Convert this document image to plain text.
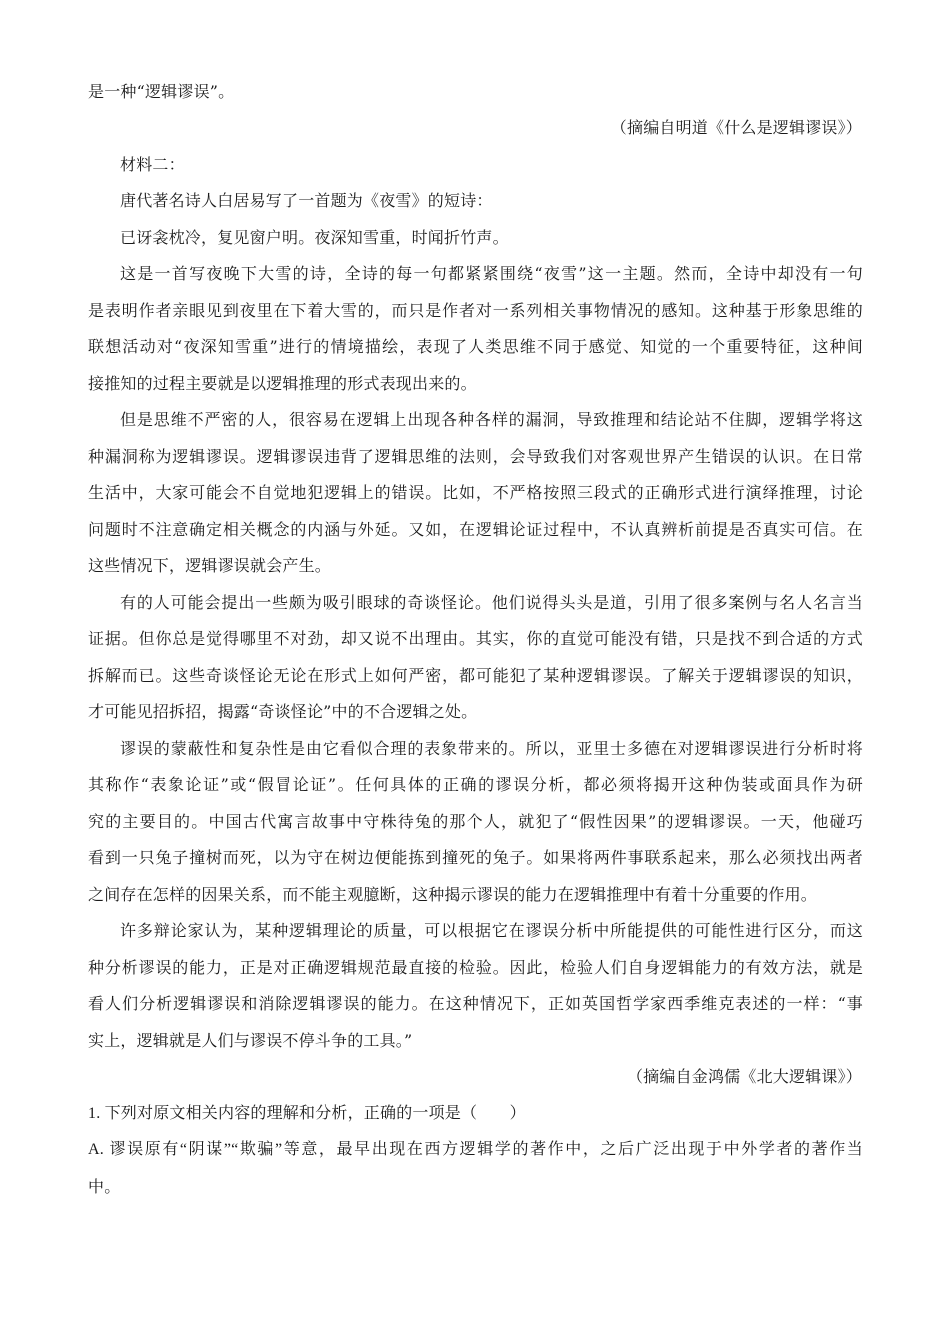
是一种“逻辑谬误”。
（摘编自明道《什么是逻辑谬误》）
材料二：
唐代著名诗人白居易写了一首题为《夜雪》的短诗：
已讶衾枕冷，复见窗户明。夜深知雪重，时闻折竹声。
这是一首写夜晚下大雪的诗，全诗的每一句都紧紧围绕“夜雪”这一主题。然而，全诗中却没有一句
是表明作者亲眼见到夜里在下着大雪的，而只是作者对一系列相关事物情况的感知。这种基于形象思维的
联想活动对“夜深知雪重”进行的情境描绘，表现了人类思维不同于感觉、知觉的一个重要特征，这种间
接推知的过程主要就是以逻辑推理的形式表现出来的。
但是思维不严密的人，很容易在逻辑上出现各种各样的漏洞，导致推理和结论站不住脚，逻辑学将这
种漏洞称为逻辑谬误。逻辑谬误违背了逻辑思维的法则，会导致我们对客观世界产生错误的认识。在日常
生活中，大家可能会不自觉地犯逻辑上的错误。比如，不严格按照三段式的正确形式进行演绎推理，讨论
问题时不注意确定相关概念的内涵与外延。又如，在逻辑论证过程中，不认真辨析前提是否真实可信。在
这些情况下，逻辑谬误就会产生。
有的人可能会提出一些颇为吸引眼球的奇谈怪论。他们说得头头是道，引用了很多案例与名人名言当
证据。但你总是觉得哪里不对劲，却又说不出理由。其实，你的直觉可能没有错，只是找不到合适的方式
拆解而已。这些奇谈怪论无论在形式上如何严密，都可能犯了某种逻辑谬误。了解关于逻辑谬误的知识，
才可能见招拆招，揭露“奇谈怪论”中的不合逻辑之处。
谬误的蒙蔽性和复杂性是由它看似合理的表象带来的。所以，亚里士多德在对逻辑谬误进行分析时将
其称作“表象论证”或“假冒论证”。任何具体的正确的谬误分析，都必须将揭开这种伪装或面具作为研
究的主要目的。中国古代寓言故事中守株待兔的那个人，就犯了“假性因果”的逻辑谬误。一天，他碰巧
看到一只兔子撞树而死，以为守在树边便能拣到撞死的兔子。如果将两件事联系起来，那么必须找出两者
之间存在怎样的因果关系，而不能主观臆断，这种揭示谬误的能力在逻辑推理中有着十分重要的作用。
许多辩论家认为，某种逻辑理论的质量，可以根据它在谬误分析中所能提供的可能性进行区分，而这
种分析谬误的能力，正是对正确逻辑规范最直接的检验。因此，检验人们自身逻辑能力的有效方法，就是
看人们分析逻辑谬误和消除逻辑谬误的能力。在这种情况下，正如英国哲学家西季维克表述的一样：“事
实上，逻辑就是人们与谬误不停斗争的工具。”
（摘编自金鸿儒《北大逻辑课》）
1. 下列对原文相关内容的理解和分析，正确的一项是（　　）
A. 谬误原有“阴谋”“欺骗”等意，最早出现在西方逻辑学的著作中，之后广泛出现于中外学者的著作当
中。
